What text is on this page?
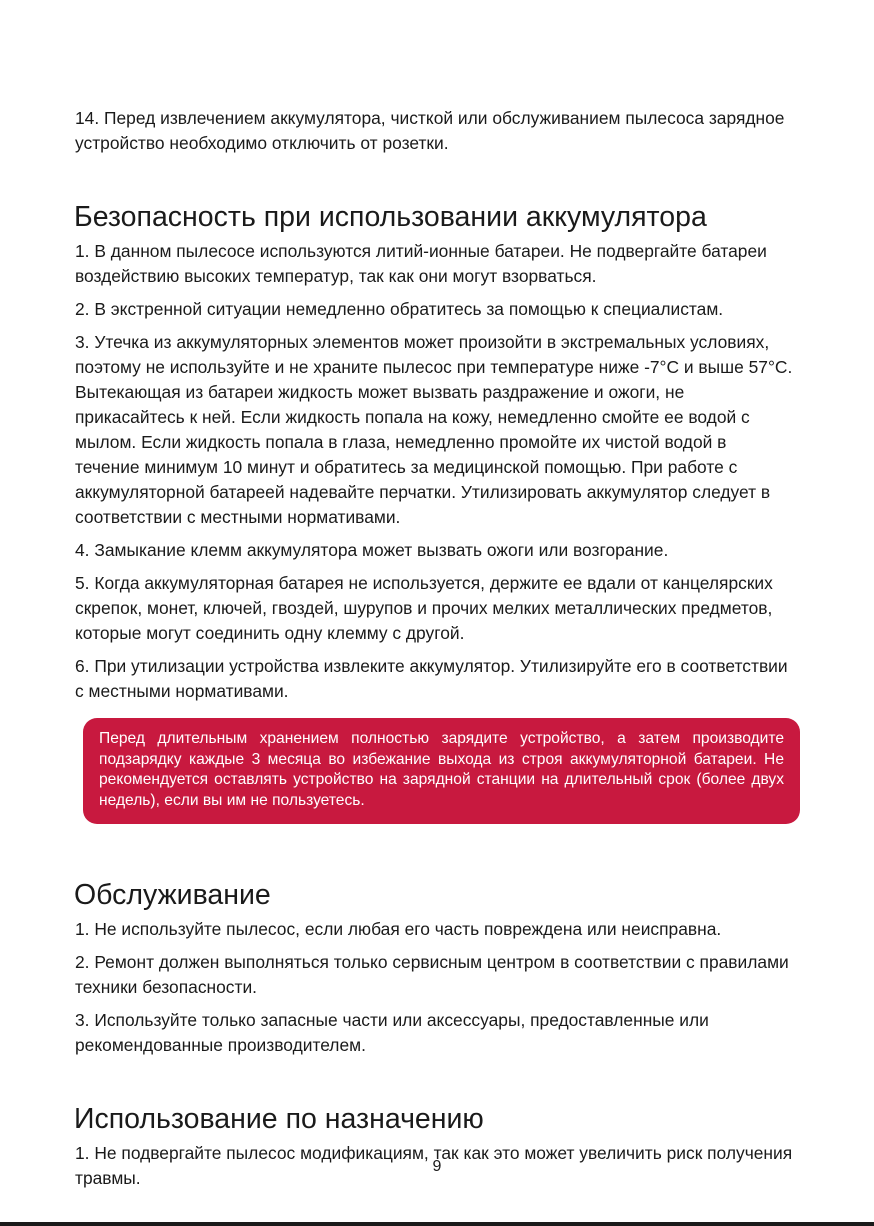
14. Перед извлечением аккумулятора, чисткой или обслуживанием пылесоса зарядное устройство необходимо отключить от розетки.

Безопасность при использовании аккумулятора

1. В данном пылесосе используются литий-ионные батареи. Не подвергайте батареи воздействию высоких температур, так как они могут взорваться.

2. В экстренной ситуации немедленно обратитесь за помощью к специалистам.

3. Утечка из аккумуляторных элементов может произойти в экстремальных условиях, поэтому не используйте и не храните пылесос при температуре ниже -7°C и выше 57°C. Вытекающая из батареи жидкость может вызвать раздражение и ожоги, не прикасайтесь к ней. Если жидкость попала на кожу, немедленно смойте ее водой с мылом. Если жидкость попала в глаза, немедленно промойте их чистой водой в течение минимум 10 минут и обратитесь за медицинской помощью. При работе с аккумуляторной батареей надевайте перчатки. Утилизировать аккумулятор следует в соответствии с местными нормативами.

4. Замыкание клемм аккумулятора может вызвать ожоги или возгорание.

5. Когда аккумуляторная батарея не используется, держите ее вдали от канцелярских скрепок, монет, ключей, гвоздей, шурупов и прочих мелких металлических предметов, которые могут соединить одну клемму с другой.

6. При утилизации устройства извлеките аккумулятор. Утилизируйте его в соответствии с местными нормативами.

Перед длительным хранением полностью зарядите устройство, а затем производите подзарядку каждые 3 месяца во избежание выхода из строя аккумуляторной батареи. Не рекомендуется оставлять устройство на зарядной станции на длительный срок (более двух недель), если вы им не пользуетесь.
Обслуживание

1. Не используйте пылесос, если любая его часть повреждена или неисправна.

2. Ремонт должен выполняться только сервисным центром в соответствии с правилами техники безопасности.

3. Используйте только запасные части или аксессуары, предоставленные или рекомендованные производителем.

Использование по назначению

1. Не подвергайте пылесос модификациям, так как это может увеличить риск получения травмы.

9
